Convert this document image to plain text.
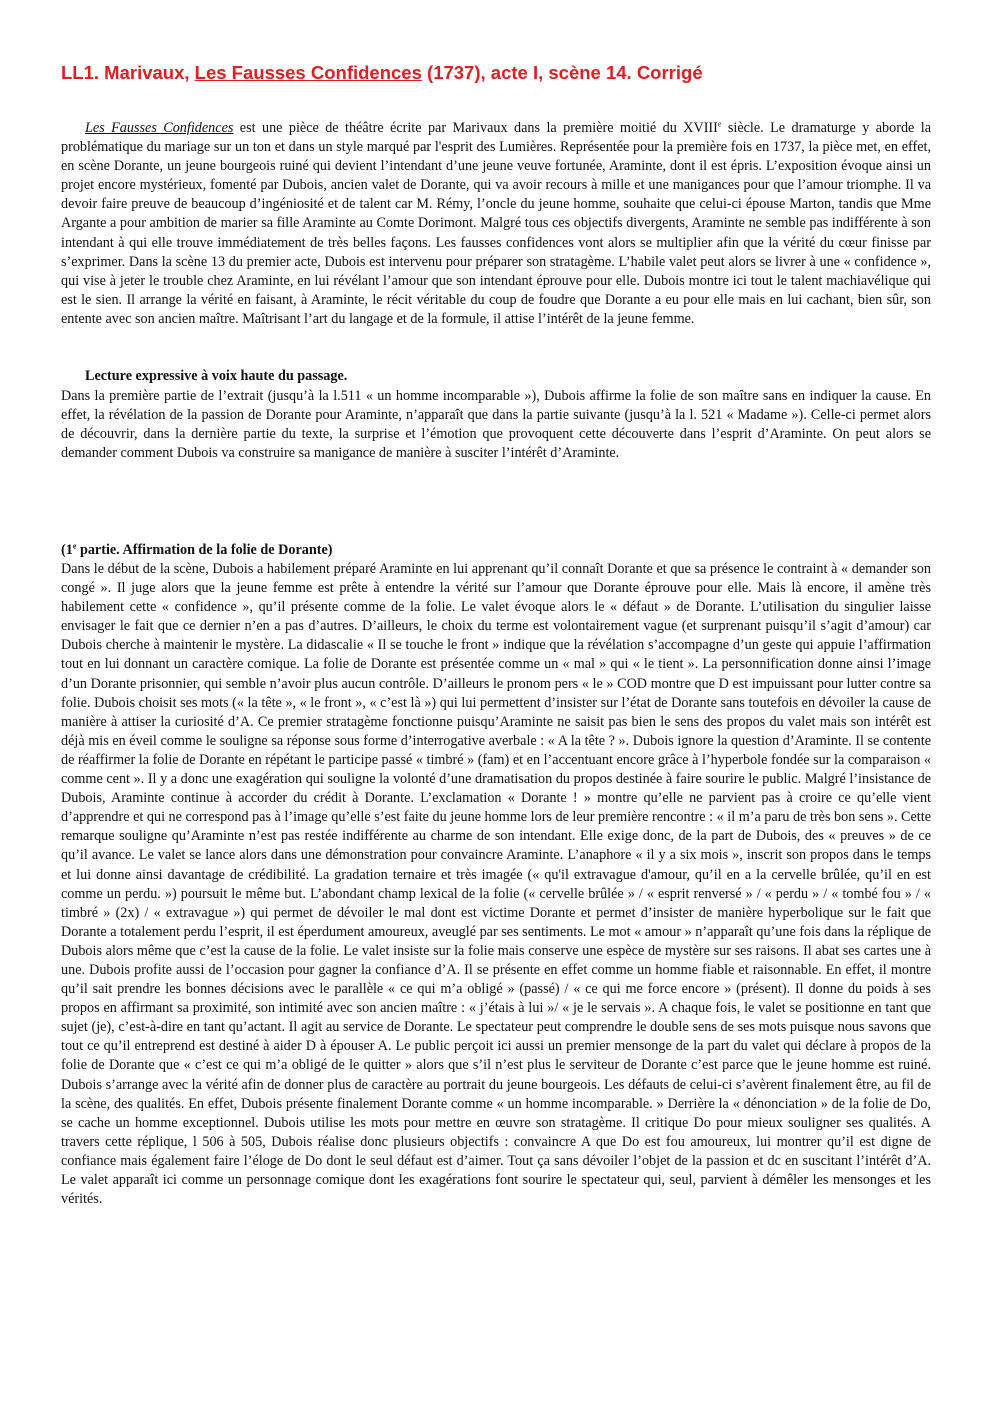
LL1. Marivaux, Les Fausses Confidences (1737), acte I, scène 14. Corrigé

Les Fausses Confidences est une pièce de théâtre écrite par Marivaux dans la première moitié du XVIIIe siècle. Le dramaturge y aborde la problématique du mariage sur un ton et dans un style marqué par l'esprit des Lumières. Représentée pour la première fois en 1737, la pièce met, en effet, en scène Dorante, un jeune bourgeois ruiné qui devient l’intendant d’une jeune veuve fortunée, Araminte, dont il est épris. L’exposition évoque ainsi un projet encore mystérieux, fomenté par Dubois, ancien valet de Dorante, qui va avoir recours à mille et une manigances pour que l’amour triomphe. Il va devoir faire preuve de beaucoup d’ingéniosité et de talent car M. Rémy, l’oncle du jeune homme, souhaite que celui-ci épouse Marton, tandis que Mme Argante a pour ambition de marier sa fille Araminte au Comte Dorimont. Malgré tous ces objectifs divergents, Araminte ne semble pas indifférente à son intendant à qui elle trouve immédiatement de très belles façons. Les fausses confidences vont alors se multiplier afin que la vérité du cœur finisse par s’exprimer. Dans la scène 13 du premier acte, Dubois est intervenu pour préparer son stratagème. L’habile valet peut alors se livrer à une « confidence », qui vise à jeter le trouble chez Araminte, en lui révélant l’amour que son intendant éprouve pour elle. Dubois montre ici tout le talent machiavélique qui est le sien. Il arrange la vérité en faisant, à Araminte, le récit véritable du coup de foudre que Dorante a eu pour elle mais en lui cachant, bien sûr, son entente avec son ancien maître. Maîtrisant l’art du langage et de la formule, il attise l’intérêt de la jeune femme.

Lecture expressive à voix haute du passage.

Dans la première partie de l’extrait (jusqu’à la l.511 « un homme incomparable »), Dubois affirme la folie de son maître sans en indiquer la cause. En effet, la révélation de la passion de Dorante pour Araminte, n’apparaît que dans la partie suivante (jusqu’à la l. 521 « Madame »). Celle-ci permet alors de découvrir, dans la dernière partie du texte, la surprise et l’émotion que provoquent cette découverte dans l’esprit d’Araminte. On peut alors se demander comment Dubois va construire sa manigance de manière à susciter l’intérêt d’Araminte.

(1e partie. Affirmation de la folie de Dorante)

Dans le début de la scène, Dubois a habilement préparé Araminte en lui apprenant qu’il connaît Dorante et que sa présence le contraint à « demander son congé ». Il juge alors que la jeune femme est prête à entendre la vérité sur l’amour que Dorante éprouve pour elle. Mais là encore, il amène très habilement cette « confidence », qu’il présente comme de la folie. Le valet évoque alors le « défaut » de Dorante. L’utilisation du singulier laisse envisager le fait que ce dernier n’en a pas d’autres. D’ailleurs, le choix du terme est volontairement vague (et surprenant puisqu’il s’agit d’amour) car Dubois cherche à maintenir le mystère. La didascalie « Il se touche le front » indique que la révélation s’accompagne d’un geste qui appuie l’affirmation tout en lui donnant un caractère comique. La folie de Dorante est présentée comme un « mal » qui « le tient ». La personnification donne ainsi l’image d’un Dorante prisonnier, qui semble n’avoir plus aucun contrôle. D’ailleurs le pronom pers « le » COD montre que D est impuissant pour lutter contre sa folie. Dubois choisit ses mots (« la tête », « le front », « c’est là ») qui lui permettent d’insister sur l’état de Dorante sans toutefois en dévoiler la cause de manière à attiser la curiosité d’A. Ce premier stratagème fonctionne puisqu’Araminte ne saisit pas bien le sens des propos du valet mais son intérêt est déjà mis en éveil comme le souligne sa réponse sous forme d’interrogative averbale : « A la tête ? ». Dubois ignore la question d’Araminte. Il se contente de réaffirmer la folie de Dorante en répétant le participe passé « timbré » (fam) et en l’accentuant encore grâce à l’hyperbole fondée sur la comparaison « comme cent ». Il y a donc une exagération qui souligne la volonté d’une dramatisation du propos destinée à faire sourire le public. Malgré l’insistance de Dubois, Araminte continue à accorder du crédit à Dorante. L’exclamation « Dorante ! » montre qu’elle ne parvient pas à croire ce qu’elle vient d’apprendre et qui ne correspond pas à l’image qu’elle s’est faite du jeune homme lors de leur première rencontre : « il m’a paru de très bon sens ». Cette remarque souligne qu’Araminte n’est pas restée indifférente au charme de son intendant. Elle exige donc, de la part de Dubois, des « preuves » de ce qu’il avance. Le valet se lance alors dans une démonstration pour convaincre Araminte. L’anaphore « il y a six mois », inscrit son propos dans le temps et lui donne ainsi davantage de crédibilité. La gradation ternaire et très imagée (« qu'il extravague d'amour, qu’il en a la cervelle brûlée, qu’il en est comme un perdu. ») poursuit le même but. L’abondant champ lexical de la folie (« cervelle brûlée » / « esprit renversé » / « perdu » / « tombé fou » / « timbré » (2x) / « extravague ») qui permet de dévoiler le mal dont est victime Dorante et permet d’insister de manière hyperbolique sur le fait que Dorante a totalement perdu l’esprit, il est éperdument amoureux, aveuglé par ses sentiments. Le mot « amour » n’apparaît qu’une fois dans la réplique de Dubois alors même que c’est la cause de la folie. Le valet insiste sur la folie mais conserve une espèce de mystère sur ses raisons. Il abat ses cartes une à une. Dubois profite aussi de l’occasion pour gagner la confiance d’A. Il se présente en effet comme un homme fiable et raisonnable. En effet, il montre qu’il sait prendre les bonnes décisions avec le parallèle « ce qui m’a obligé » (passé) / « ce qui me force encore » (présent). Il donne du poids à ses propos en affirmant sa proximité, son intimité avec son ancien maître : « j’étais à lui »/ « je le servais ». A chaque fois, le valet se positionne en tant que sujet (je), c’est-à-dire en tant qu’actant. Il agit au service de Dorante. Le spectateur peut comprendre le double sens de ses mots puisque nous savons que tout ce qu’il entreprend est destiné à aider D à épouser A. Le public perçoit ici aussi un premier mensonge de la part du valet qui déclare à propos de la folie de Dorante que « c’est ce qui m’a obligé de le quitter » alors que s’il n’est plus le serviteur de Dorante c’est parce que le jeune homme est ruiné. Dubois s’arrange avec la vérité afin de donner plus de caractère au portrait du jeune bourgeois. Les défauts de celui-ci s’avèrent finalement être, au fil de la scène, des qualités. En effet, Dubois présente finalement Dorante comme « un homme incomparable. » Derrière la « dénonciation » de la folie de Do, se cache un homme exceptionnel. Dubois utilise les mots pour mettre en œuvre son stratagème. Il critique Do pour mieux souligner ses qualités. A travers cette réplique, l 506 à 505, Dubois réalise donc plusieurs objectifs : convaincre A que Do est fou amoureux, lui montrer qu’il est digne de confiance mais également faire l’éloge de Do dont le seul défaut est d’aimer. Tout ça sans dévoiler l’objet de la passion et dc en suscitant l’intérêt d’A. Le valet apparaît ici comme un personnage comique dont les exagérations font sourire le spectateur qui, seul, parvient à démêler les mensonges et les vérités.
